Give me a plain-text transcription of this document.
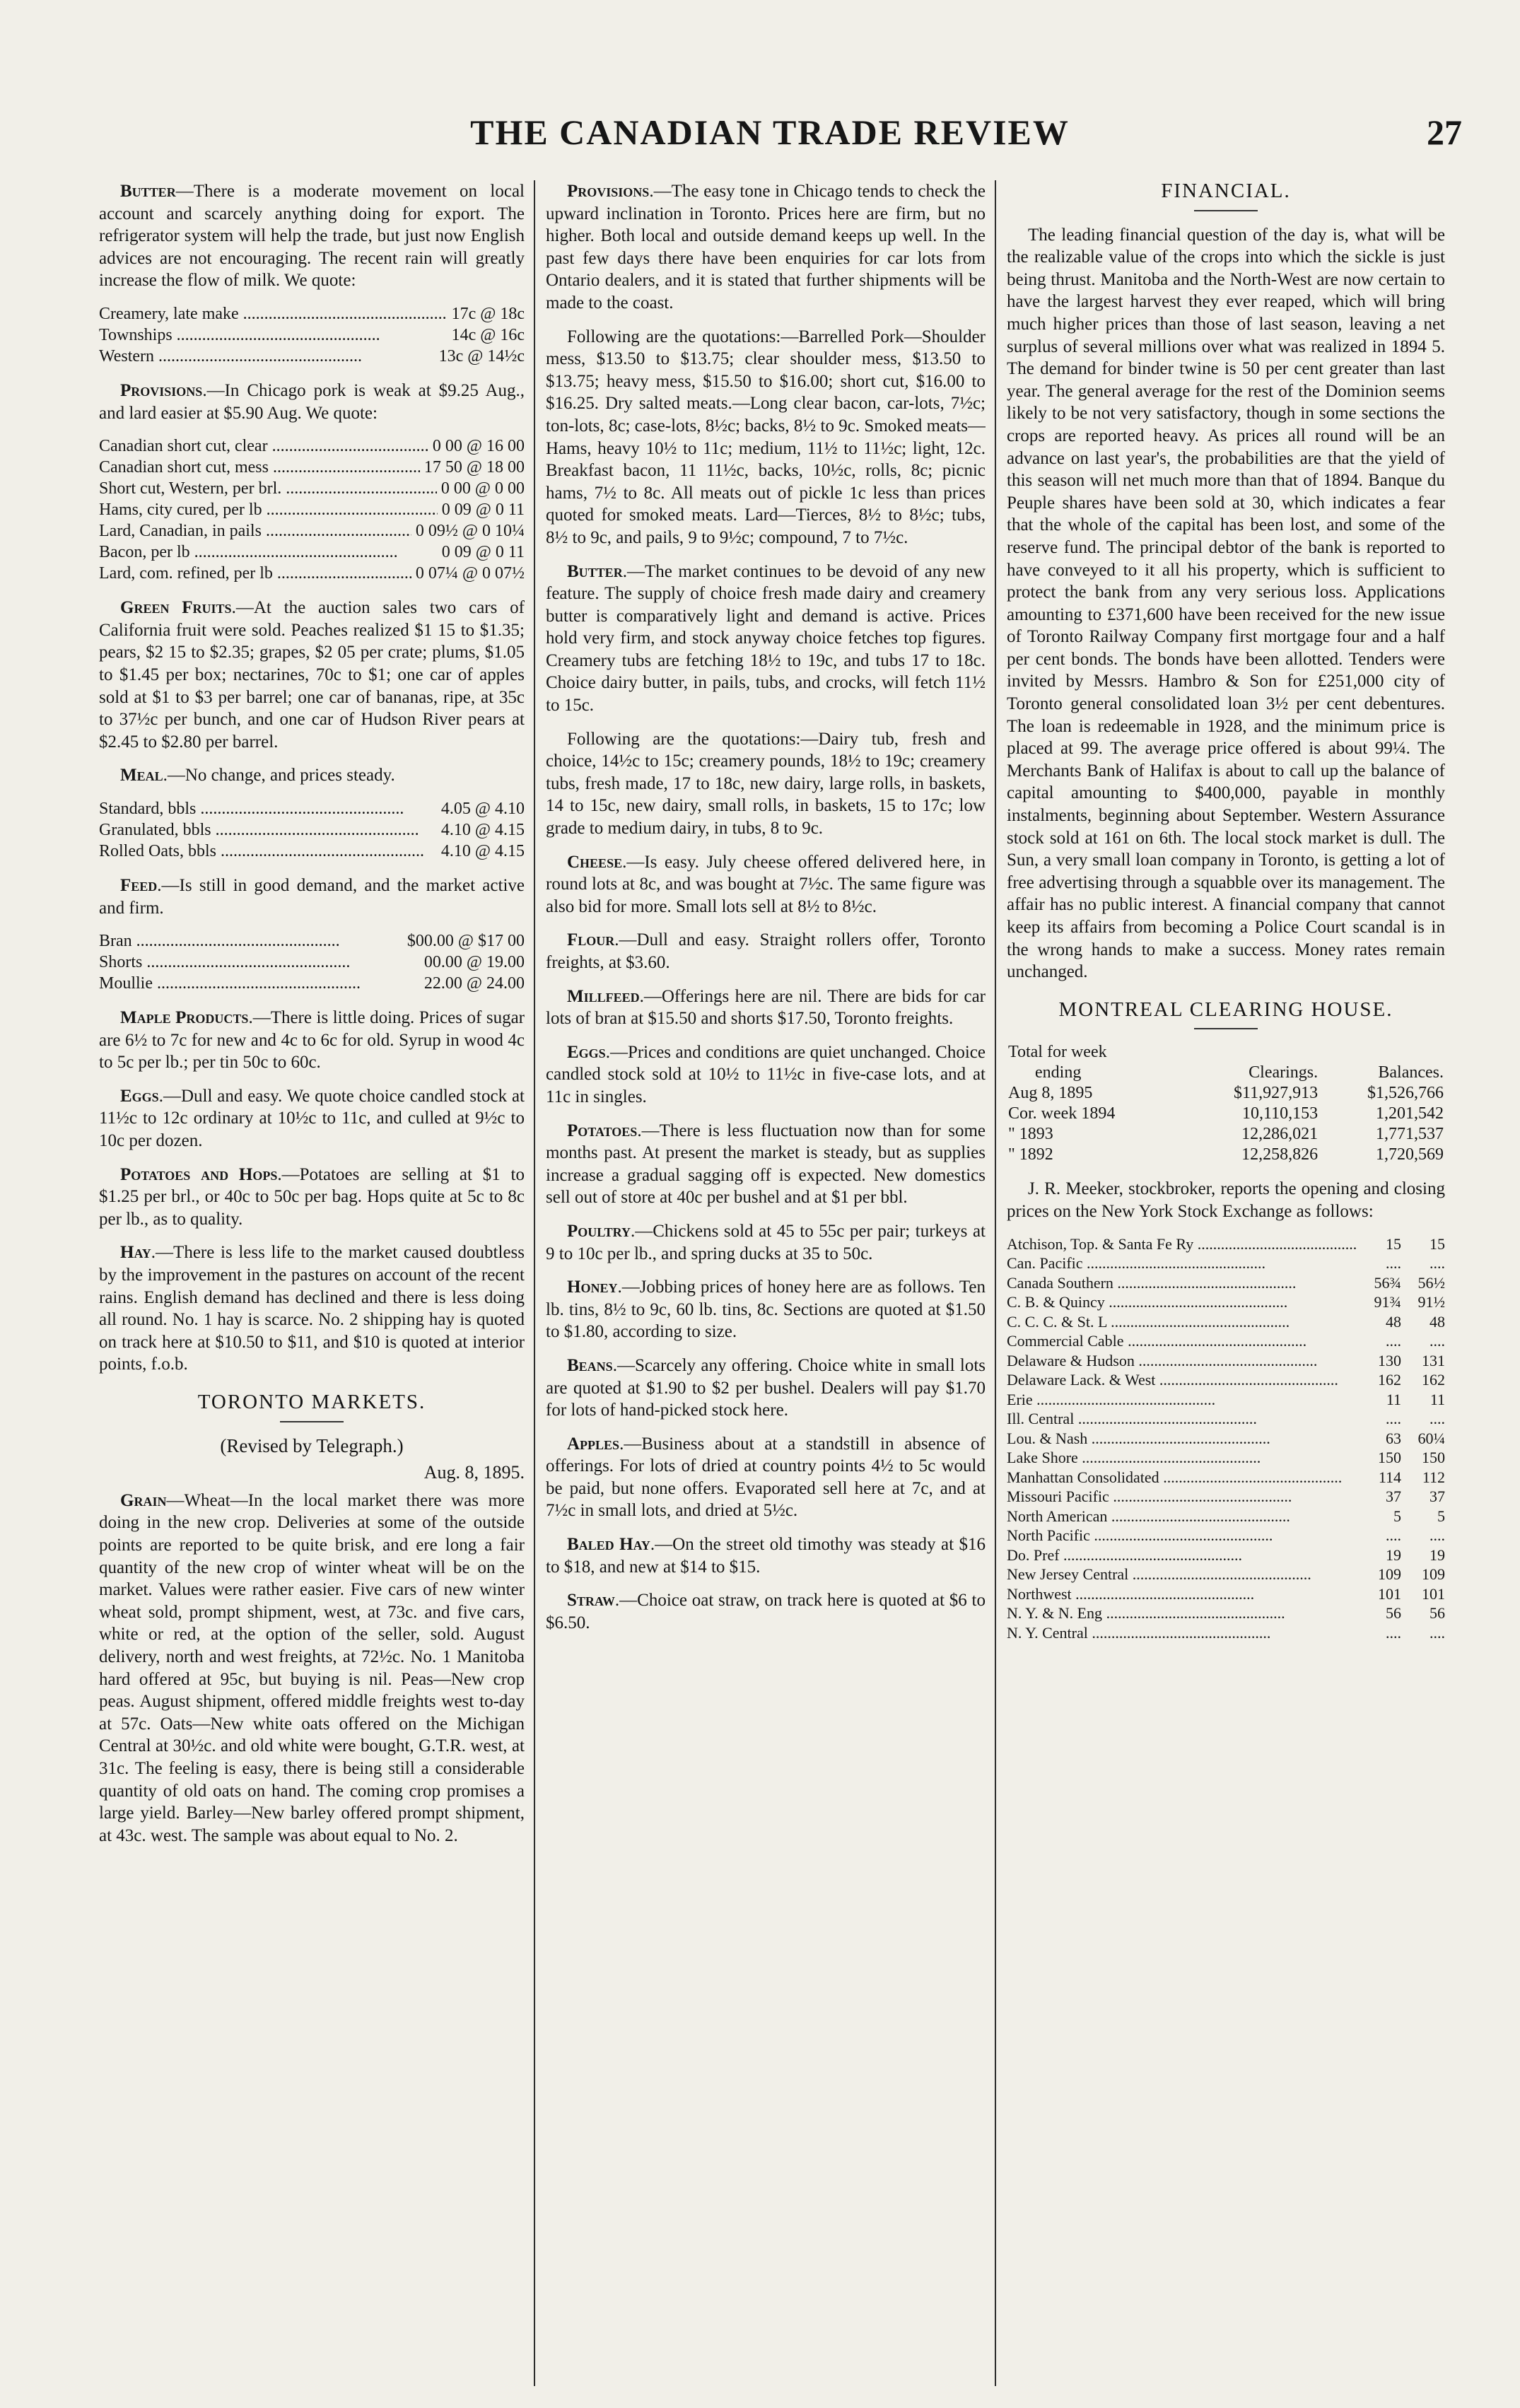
THE CANADIAN TRADE REVIEW	27

Butter—There is a moderate movement on local account and scarcely anything doing for export. The refrigerator system will help the trade, but just now English advices are not encouraging. The recent rain will greatly increase the flow of milk. We quote:

Creamery, late make .....	17c @ 18c
Townships .....	14c @ 16c
Western .....	13c @ 14½c

Provisions.—In Chicago pork is weak at $9.25 Aug., and lard easier at $5.90 Aug. We quote:

Canadian short cut, clear .....	0 00 @ 16 00
Canadian short cut, mess .....	17 50 @ 18 00
Short cut, Western, per brl. .....	0 00 @ 0 00
Hams, city cured, per lb .....	0 09 @ 0 11
Lard, Canadian, in pails .....	0 09½ @ 0 10¼
Bacon, per lb .....	0 09 @ 0 11
Lard, com. refined, per lb .....	0 07¼ @ 0 07½

Green Fruits.—At the auction sales two cars of California fruit were sold. Peaches realized $1 15 to $1.35; pears, $2 15 to $2.35; grapes, $2 05 per crate; plums, $1.05 to $1.45 per box; nectarines, 70c to $1; one car of apples sold at $1 to $3 per barrel; one car of bananas, ripe, at 35c to 37½c per bunch, and one car of Hudson River pears at $2.45 to $2.80 per barrel.

Meal.—No change, and prices steady.

Standard, bbls .....	4.05 @ 4.10
Granulated, bbls .....	4.10 @ 4.15
Rolled Oats, bbls .....	4.10 @ 4.15

Feed.—Is still in good demand, and the market active and firm.

Bran .....	$00.00 @ $17 00
Shorts .....	00.00 @ 19.00
Moullie .....	22.00 @ 24.00

Maple Products.—There is little doing. Prices of sugar are 6½ to 7c for new and 4c to 6c for old. Syrup in wood 4c to 5c per lb.; per tin 50c to 60c.

Eggs.—Dull and easy. We quote choice candled stock at 11½c to 12c ordinary at 10½c to 11c, and culled at 9½c to 10c per dozen.

Potatoes and Hops.—Potatoes are selling at $1 to $1.25 per brl., or 40c to 50c per bag. Hops quite at 5c to 8c per lb., as to quality.

Hay.—There is less life to the market caused doubtless by the improvement in the pastures on account of the recent rains. English demand has declined and there is less doing all round. No. 1 hay is scarce. No. 2 shipping hay is quoted on track here at $10.50 to $11, and $10 is quoted at interior points, f.o.b.

TORONTO MARKETS.
(Revised by Telegraph.)
Aug. 8, 1895.

Grain—Wheat—In the local market there was more doing in the new crop. Deliveries at some of the outside points are reported to be quite brisk, and ere long a fair quantity of the new crop of winter wheat will be on the market. Values were rather easier. Five cars of new winter wheat sold, prompt shipment, west, at 73c. and five cars, white or red, at the option of the seller, sold. August delivery, north and west freights, at 72½c. No. 1 Manitoba hard offered at 95c, but buying is nil. Peas—New crop peas. August shipment, offered middle freights west to-day at 57c. Oats—New white oats offered on the Michigan Central at 30½c. and old white were bought, G.T.R. west, at 31c. The feeling is easy, there is being still a considerable quantity of old oats on hand. The coming crop promises a large yield. Barley—New barley offered prompt shipment, at 43c. west. The sample was about equal to No. 2.

Provisions.—The easy tone in Chicago tends to check the upward inclination in Toronto. Prices here are firm, but no higher. Both local and outside demand keeps up well. In the past few days there have been enquiries for car lots from Ontario dealers, and it is stated that further shipments will be made to the coast.

Following are the quotations:—Barrelled Pork—Shoulder mess, $13.50 to $13.75; clear shoulder mess, $13.50 to $13.75; heavy mess, $15.50 to $16.00; short cut, $16.00 to $16.25. Dry salted meats.—Long clear bacon, car-lots, 7½c; ton-lots, 8c; case-lots, 8½c; backs, 8½ to 9c. Smoked meats—Hams, heavy 10½ to 11c; medium, 11½ to 11½c; light, 12c. Breakfast bacon, 11 11½c, backs, 10½c, rolls, 8c; picnic hams, 7½ to 8c. All meats out of pickle 1c less than prices quoted for smoked meats. Lard—Tierces, 8½ to 8½c; tubs, 8½ to 9c, and pails, 9 to 9½c; compound, 7 to 7½c.

Butter.—The market continues to be devoid of any new feature. The supply of choice fresh made dairy and creamery butter is comparatively light and demand is active. Prices hold very firm, and stock anyway choice fetches top figures. Creamery tubs are fetching 18½ to 19c, and tubs 17 to 18c. Choice dairy butter, in pails, tubs, and crocks, will fetch 11½ to 15c.

Following are the quotations:—Dairy tub, fresh and choice, 14½c to 15c; creamery pounds, 18½ to 19c; creamery tubs, fresh made, 17 to 18c, new dairy, large rolls, in baskets, 14 to 15c, new dairy, small rolls, in baskets, 15 to 17c; low grade to medium dairy, in tubs, 8 to 9c.

Cheese.—Is easy. July cheese offered delivered here, in round lots at 8c, and was bought at 7½c. The same figure was also bid for more. Small lots sell at 8½ to 8½c.

Flour.—Dull and easy. Straight rollers offer, Toronto freights, at $3.60.

Millfeed.—Offerings here are nil. There are bids for car lots of bran at $15.50 and shorts $17.50, Toronto freights.

Eggs.—Prices and conditions are quiet unchanged. Choice candled stock sold at 10½ to 11½c in five-case lots, and at 11c in singles.

Potatoes.—There is less fluctuation now than for some months past. At present the market is steady, but as supplies increase a gradual sagging off is expected. New domestics sell out of store at 40c per bushel and at $1 per bbl.

Poultry.—Chickens sold at 45 to 55c per pair; turkeys at 9 to 10c per lb., and spring ducks at 35 to 50c.

Honey.—Jobbing prices of honey here are as follows. Ten lb. tins, 8½ to 9c, 60 lb. tins, 8c. Sections are quoted at $1.50 to $1.80, according to size.

Beans.—Scarcely any offering. Choice white in small lots are quoted at $1.90 to $2 per bushel. Dealers will pay $1.70 for lots of hand-picked stock here.

Apples.—Business about at a standstill in absence of offerings. For lots of dried at country points 4½ to 5c would be paid, but none offers. Evaporated sell here at 7c, and at 7½c in small lots, and dried at 5½c.

Baled Hay.—On the street old timothy was steady at $16 to $18, and new at $14 to $15.

Straw.—Choice oat straw, on track here is quoted at $6 to $6.50.

FINANCIAL.

The leading financial question of the day is, what will be the realizable value of the crops into which the sickle is just being thrust. Manitoba and the North-West are now certain to have the largest harvest they ever reaped, which will bring much higher prices than those of last season, leaving a net surplus of several millions over what was realized in 1894 5. The demand for binder twine is 50 per cent greater than last year. The general average for the rest of the Dominion seems likely to be not very satisfactory, though in some sections the crops are reported heavy. As prices all round will be an advance on last year's, the probabilities are that the yield of this season will net much more than that of 1894. Banque du Peuple shares have been sold at 30, which indicates a fear that the whole of the capital has been lost, and some of the reserve fund. The principal debtor of the bank is reported to have conveyed to it all his property, which is sufficient to protect the bank from any very serious loss. Applications amounting to £371,600 have been received for the new issue of Toronto Railway Company first mortgage four and a half per cent bonds. The bonds have been allotted. Tenders were invited by Messrs. Hambro & Son for £251,000 city of Toronto general consolidated loan 3½ per cent debentures. The loan is redeemable in 1928, and the minimum price is placed at 99. The average price offered is about 99¼. The Merchants Bank of Halifax is about to call up the balance of capital amounting to $400,000, payable in monthly instalments, beginning about September. Western Assurance stock sold at 161 on 6th. The local stock market is dull. The Sun, a very small loan company in Toronto, is getting a lot of free advertising through a squabble over its management. The affair has no public interest. A financial company that cannot keep its affairs from becoming a Police Court scandal is in the wrong hands to make a success. Money rates remain unchanged.

MONTREAL CLEARING HOUSE.
Total for week		
ending	Clearings.	Balances.
Aug 8, 1895	$11,927,913	$1,526,766
Cor. week 1894	10,110,153	1,201,542
" 1893	12,286,021	1,771,537
" 1892	12,258,826	1,720,569

J. R. Meeker, stockbroker, reports the opening and closing prices on the New York Stock Exchange as follows:

Atchison, Top. & Santa Fe Ry .....	15	15
Can. Pacific .....	....	....
Canada Southern .....	56¾	56½
C. B. & Quincy .....	91¾	91½
C. C. C. & St. L .....	48	48
Commercial Cable .....	....	....
Delaware & Hudson .....	130	131
Delaware Lack. & West .....	162	162
Erie .....	11	11
Ill. Central .....	....	....
Lou. & Nash .....	63	60¼
Lake Shore .....	150	150
Manhattan Consolidated .....	114	112
Missouri Pacific .....	37	37
North American .....	5	5
North Pacific .....	....	....
Do. Pref .....	19	19
New Jersey Central .....	109	109
Northwest .....	101	101
N. Y. & N. Eng .....	56	56
N. Y. Central .....	....	....
